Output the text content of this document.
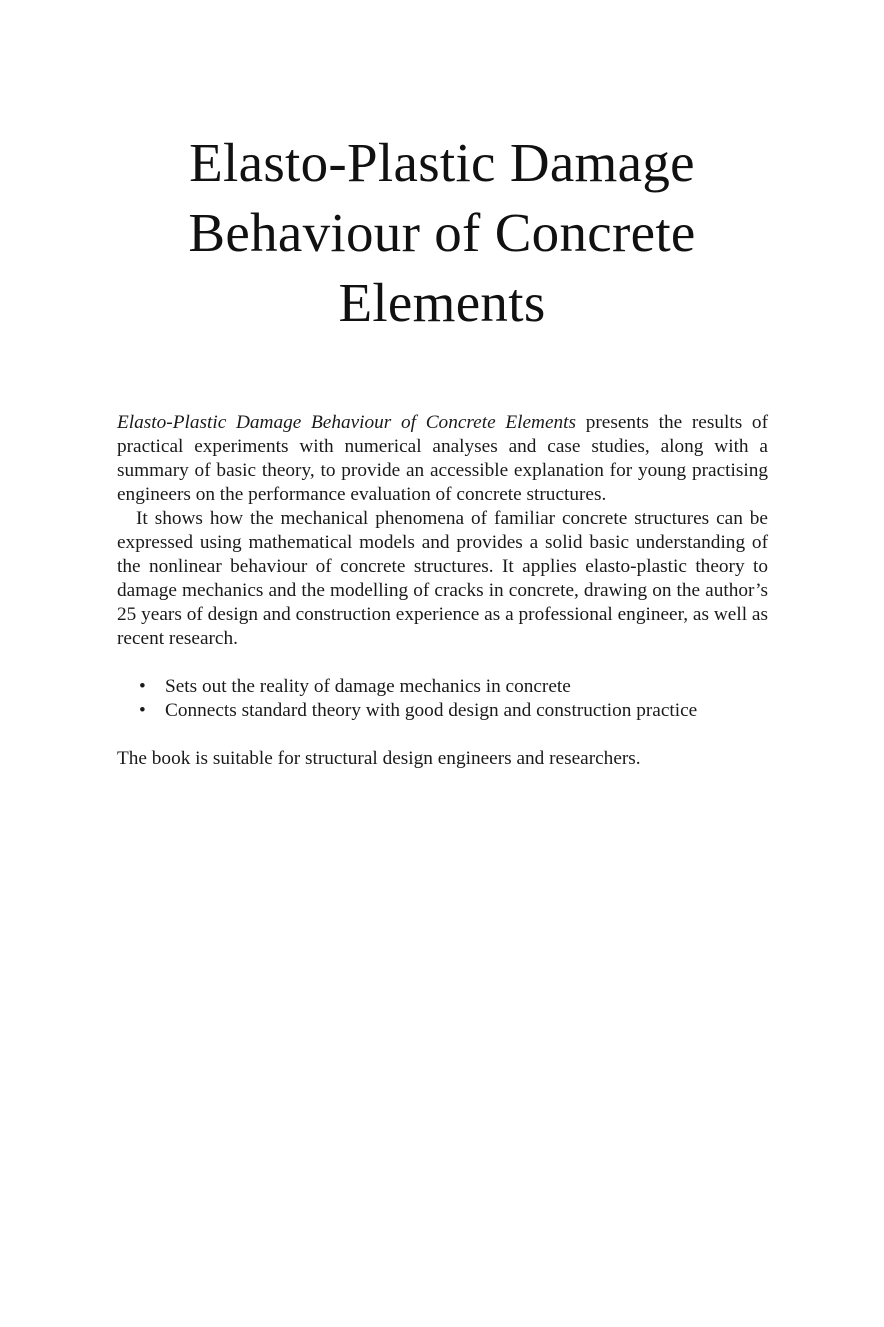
Elasto-Plastic Damage
Behaviour of Concrete
Elements

Elasto-Plastic Damage Behaviour of Concrete Elements presents the results of practical experiments with numerical analyses and case studies, along with a summary of basic theory, to provide an accessible explanation for young practising engineers on the performance evaluation of concrete structures.

It shows how the mechanical phenomena of familiar concrete structures can be expressed using mathematical models and provides a solid basic understanding of the nonlinear behaviour of concrete structures. It applies elasto-plastic theory to damage mechanics and the modelling of cracks in concrete, drawing on the author’s 25 years of design and construction experience as a professional engineer, as well as recent research.

• Sets out the reality of damage mechanics in concrete
• Connects standard theory with good design and construction practice

The book is suitable for structural design engineers and researchers.
